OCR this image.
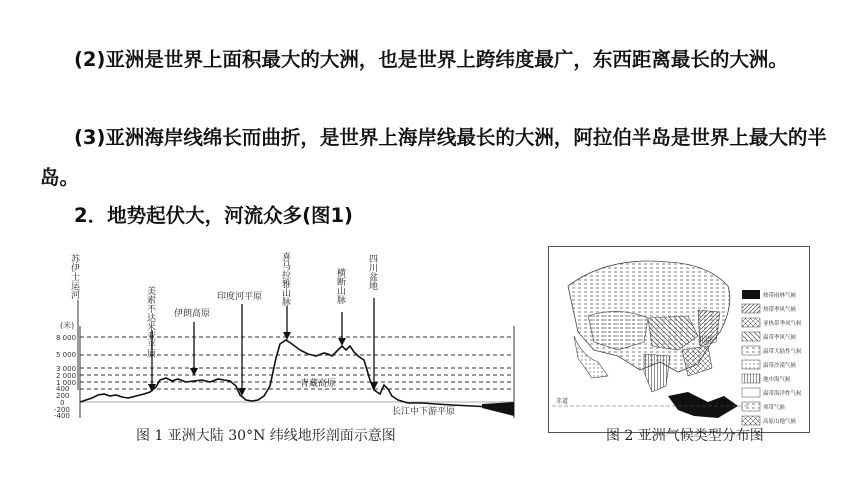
(2)亚洲是世界上面积最大的大洲，也是世界上跨纬度最广，东西距离最长的大洲。
(3)亚洲海岸线绵长而曲折，是世界上海岸线最长的大洲，阿拉伯半岛是世界上最大的半岛。
2．地势起伏大，河流众多(图1)
(米)
8 000
5 000
3 000
2 000
1 000
400
200
0
-200
-400
苏伊士运河
美索不达米亚平原 伊朗高原
印度河平原 喜马拉雅山脉	横断山脉 四川盆地
青藏高原
长江中下游平原
图 1 亚洲大陆 30°N 纬线地形剖面示意图
北京
赤道
热带雨林气候
热带季风气候
亚热带季风气候
温带季风气候
温带大陆性气候
温带沙漠气候
地中海气候
温带海洋性气候
寒带气候
高原山地气候
图 2 亚洲气候类型分布图
